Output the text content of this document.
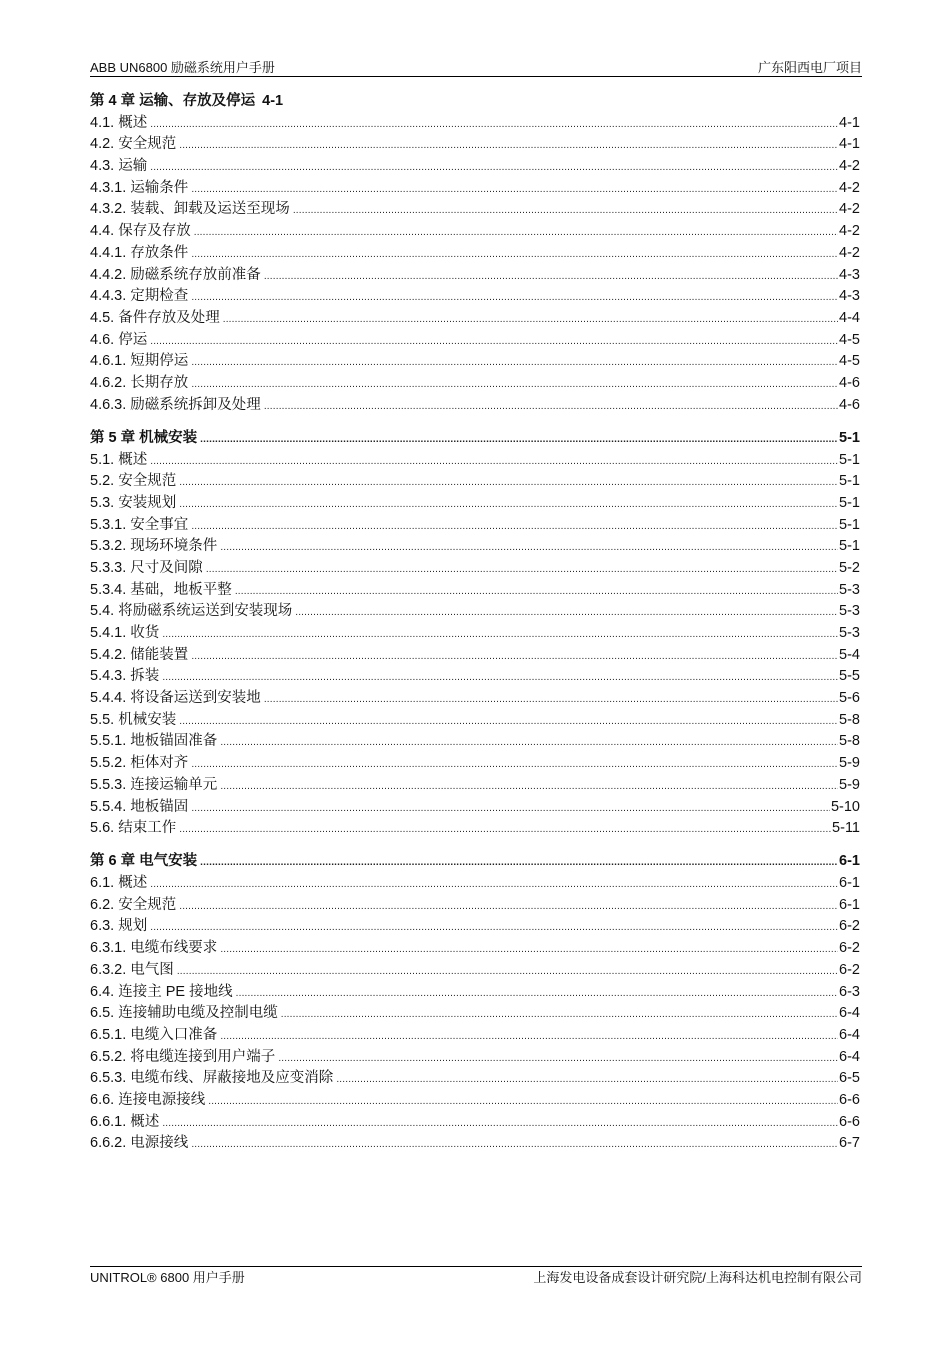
ABB UN6800 励磁系统用户手册	广东阳西电厂项目
第 4 章 运输、存放及停运 4-1
4.1. 概述 .....	4-1
4.2. 安全规范 .....	4-1
4.3. 运输 .....	4-2
4.3.1. 运输条件 .....	4-2
4.3.2. 装载、卸载及运送至现场 .....	4-2
4.4. 保存及存放 .....	4-2
4.4.1. 存放条件 .....	4-2
4.4.2. 励磁系统存放前准备 .....	4-3
4.4.3. 定期检查 .....	4-3
4.5. 备件存放及处理 .....	4-4
4.6. 停运 .....	4-5
4.6.1. 短期停运 .....	4-5
4.6.2. 长期存放 .....	4-6
4.6.3. 励磁系统拆卸及处理 .....	4-6
第 5 章 机械安装 .....	5-1
5.1. 概述 .....	5-1
5.2. 安全规范 .....	5-1
5.3. 安装规划 .....	5-1
5.3.1. 安全事宜 .....	5-1
5.3.2. 现场环境条件 .....	5-1
5.3.3. 尺寸及间隙 .....	5-2
5.3.4. 基础，地板平整 .....	5-3
5.4. 将励磁系统运送到安装现场 .....	5-3
5.4.1. 收货 .....	5-3
5.4.2. 储能装置 .....	5-4
5.4.3. 拆装 .....	5-5
5.4.4. 将设备运送到安装地 .....	5-6
5.5. 机械安装 .....	5-8
5.5.1. 地板锚固准备 .....	5-8
5.5.2. 柜体对齐 .....	5-9
5.5.3. 连接运输单元 .....	5-9
5.5.4. 地板锚固 .....	5-10
5.6. 结束工作 .....	5-11
第 6 章 电气安装 .....	6-1
6.1. 概述 .....	6-1
6.2. 安全规范 .....	6-1
6.3. 规划 .....	6-2
6.3.1. 电缆布线要求 .....	6-2
6.3.2. 电气图 .....	6-2
6.4. 连接主 PE 接地线 .....	6-3
6.5. 连接辅助电缆及控制电缆 .....	6-4
6.5.1. 电缆入口准备 .....	6-4
6.5.2. 将电缆连接到用户端子 .....	6-4
6.5.3. 电缆布线、屏蔽接地及应变消除 .....	6-5
6.6. 连接电源接线 .....	6-6
6.6.1. 概述 .....	6-6
6.6.2. 电源接线 .....	6-7
UNITROL® 6800 用户手册	上海发电设备成套设计研究院/上海科达机电控制有限公司
